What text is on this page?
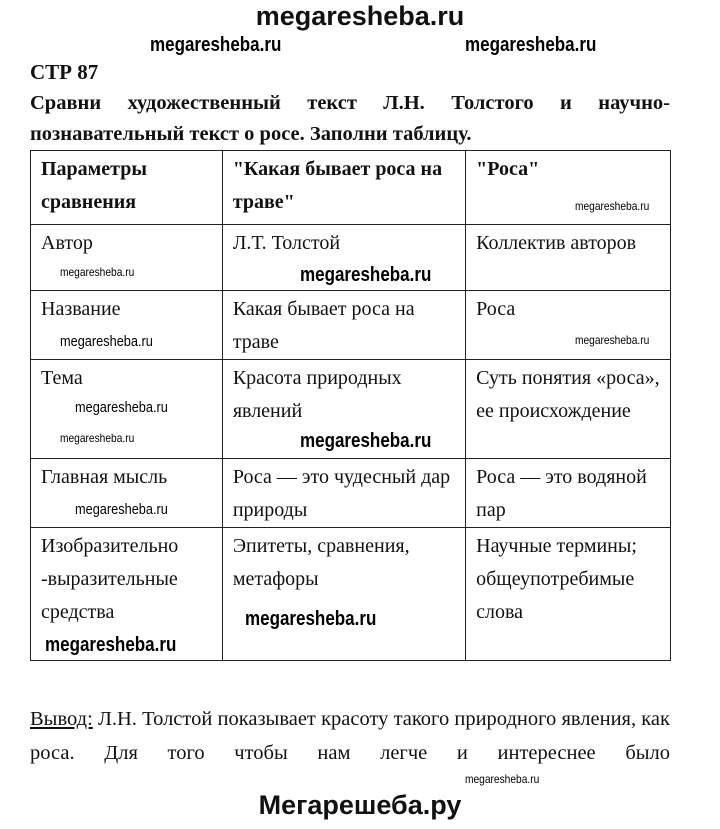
megaresheba.ru
СТР 87
Сравни художественный текст Л.Н. Толстого и научно-познавательный текст о росе. Заполни таблицу.
Параметры сравнения	"Какая бывает роса на траве"	"Роса"
Автор	Л.Т. Толстой	Коллектив авторов
Название	Какая бывает роса на траве	Роса
Тема	Красота природных явлений	Суть понятия «роса», ее происхождение
Главная мысль	Роса — это чудесный дар природы	Роса — это водяной пар
Изобразительно -выразительные средства	Эпитеты, сравнения, метафоры	Научные термины; общеупотребимые слова
Вывод: Л.Н. Толстой показывает красоту такого природного явления, как роса. Для того чтобы нам легче и интереснее было
Мегарешеба.ру
megaresheba.ru	megaresheba.ru
megaresheba.ru
megaresheba.ru
megaresheba.ru
megaresheba.ru
megaresheba.ru
megaresheba.ru
megaresheba.ru
megaresheba.ru
megaresheba.ru
megaresheba.ru
megaresheba.ru
megaresheba.ru
